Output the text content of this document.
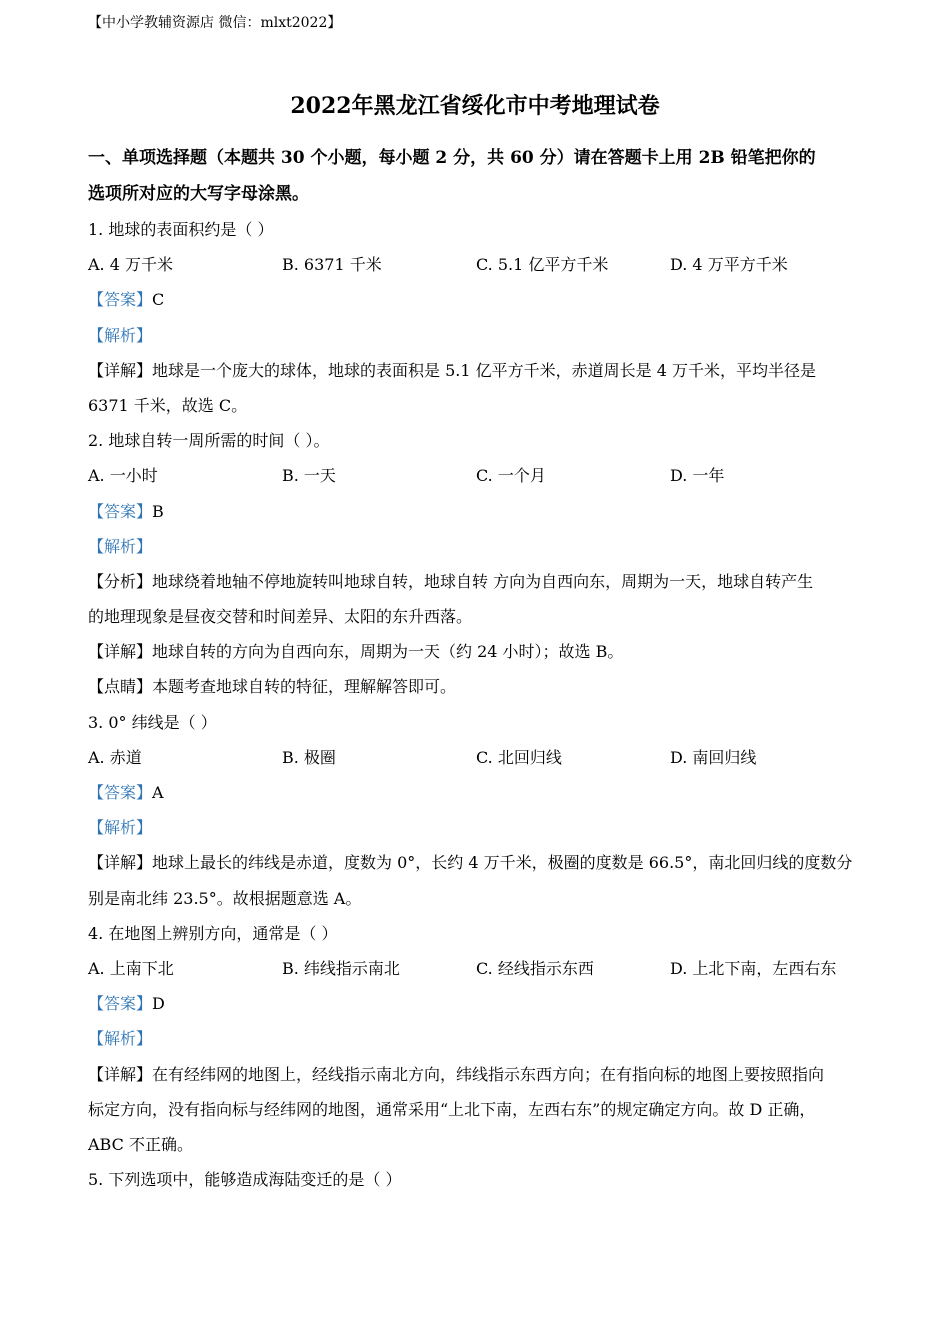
【中小学教辅资源店 微信：mlxt2022】
2022年黑龙江省绥化市中考地理试卷
一、单项选择题（本题共 30 个小题，每小题 2 分，共 60 分）请在答题卡上用 2B 铅笔把你的
选项所对应的大写字母涂黑。
1. 地球的表面积约是（ ）
A. 4 万千米	B. 6371 千米	C. 5.1 亿平方千米	D. 4 万平方千米
【答案】C
【解析】
【详解】地球是一个庞大的球体，地球的表面积是 5.1 亿平方千米，赤道周长是 4 万千米，平均半径是
6371 千米，故选 C。
2. 地球自转一周所需的时间（ ）。
A. 一小时	B. 一天	C. 一个月	D. 一年
【答案】B
【解析】
【分析】地球绕着地轴不停地旋转叫地球自转，地球自转 方向为自西向东，周期为一天，地球自转产生
的地理现象是昼夜交替和时间差异、太阳的东升西落。
【详解】地球自转的方向为自西向东，周期为一天（约 24 小时）；故选 B。
【点睛】本题考查地球自转的特征，理解解答即可。
3. 0° 纬线是（ ）
A. 赤道	B. 极圈	C. 北回归线	D. 南回归线
【答案】A
【解析】
【详解】地球上最长的纬线是赤道，度数为 0°，长约 4 万千米，极圈的度数是 66.5°，南北回归线的度数分
别是南北纬 23.5°。故根据题意选 A。
4. 在地图上辨别方向，通常是（ ）
A. 上南下北	B. 纬线指示南北	C. 经线指示东西	D. 上北下南，左西右东
【答案】D
【解析】
【详解】在有经纬网的地图上，经线指示南北方向，纬线指示东西方向；在有指向标的地图上要按照指向
标定方向，没有指向标与经纬网的地图，通常采用“上北下南，左西右东”的规定确定方向。故 D 正确，
ABC 不正确。
5. 下列选项中，能够造成海陆变迁的是（ ）
